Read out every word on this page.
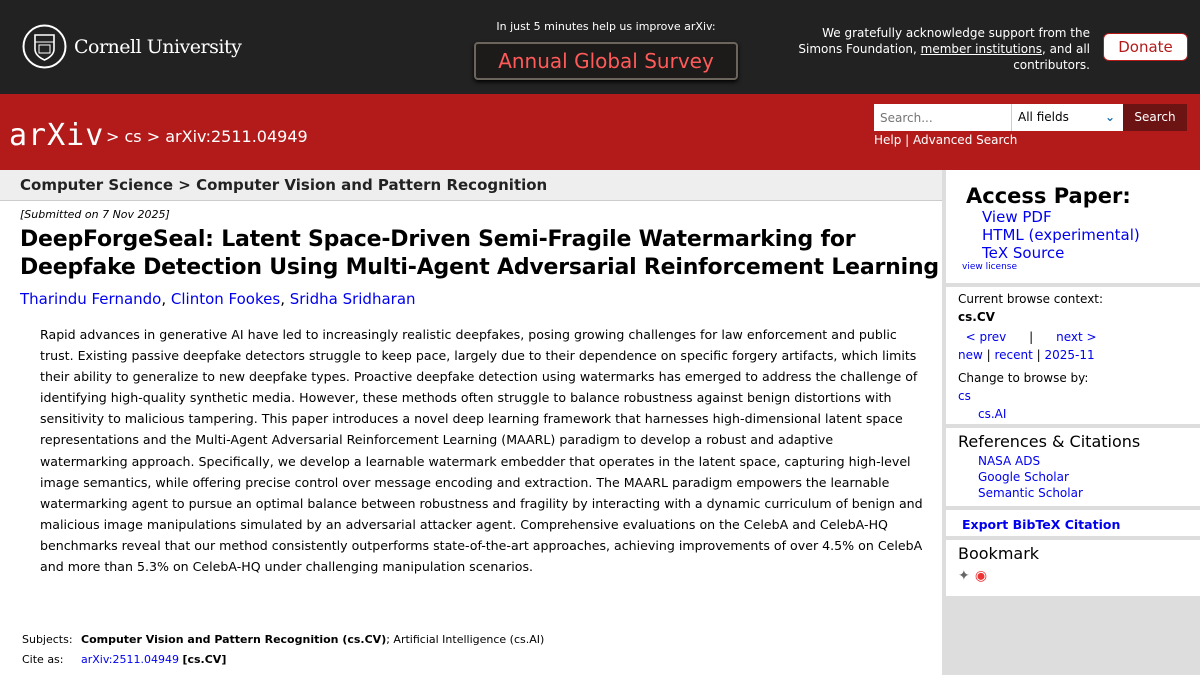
Cornell University
In just 5 minutes help us improve arXiv:
Annual Global Survey
We gratefully acknowledge support from the Simons Foundation, member institutions, and all contributors.
Donate
arXiv > cs > arXiv:2511.04949
Search...
All fields	⌄	Search
Help | Advanced Search
Computer Science > Computer Vision and Pattern Recognition
[Submitted on 7 Nov 2025]
DeepForgeSeal: Latent Space-Driven Semi-Fragile Watermarking for Deepfake Detection Using Multi-Agent Adversarial Reinforcement Learning
Tharindu Fernando, Clinton Fookes, Sridha Sridharan
Rapid advances in generative AI have led to increasingly realistic deepfakes, posing growing challenges for law enforcement and public trust. Existing passive deepfake detectors struggle to keep pace, largely due to their dependence on specific forgery artifacts, which limits their ability to generalize to new deepfake types. Proactive deepfake detection using watermarks has emerged to address the challenge of identifying high-quality synthetic media. However, these methods often struggle to balance robustness against benign distortions with sensitivity to malicious tampering. This paper introduces a novel deep learning framework that harnesses high-dimensional latent space representations and the Multi-Agent Adversarial Reinforcement Learning (MAARL) paradigm to develop a robust and adaptive watermarking approach. Specifically, we develop a learnable watermark embedder that operates in the latent space, capturing high-level image semantics, while offering precise control over message encoding and extraction. The MAARL paradigm empowers the learnable watermarking agent to pursue an optimal balance between robustness and fragility by interacting with a dynamic curriculum of benign and malicious image manipulations simulated by an adversarial attacker agent. Comprehensive evaluations on the CelebA and CelebA-HQ benchmarks reveal that our method consistently outperforms state-of-the-art approaches, achieving improvements of over 4.5% on CelebA and more than 5.3% on CelebA-HQ under challenging manipulation scenarios.
Subjects: Computer Vision and Pattern Recognition (cs.CV); Artificial Intelligence (cs.AI)
Cite as: arXiv:2511.04949 [cs.CV]
Access Paper:
View PDF
HTML (experimental)
TeX Source
view license
Current browse context:
cs.CV
< prev | next >
new | recent | 2025-11
Change to browse by:
cs
cs.AI
References & Citations
NASA ADS
Google Scholar
Semantic Scholar
Export BibTeX Citation
Bookmark
✦ ◉
